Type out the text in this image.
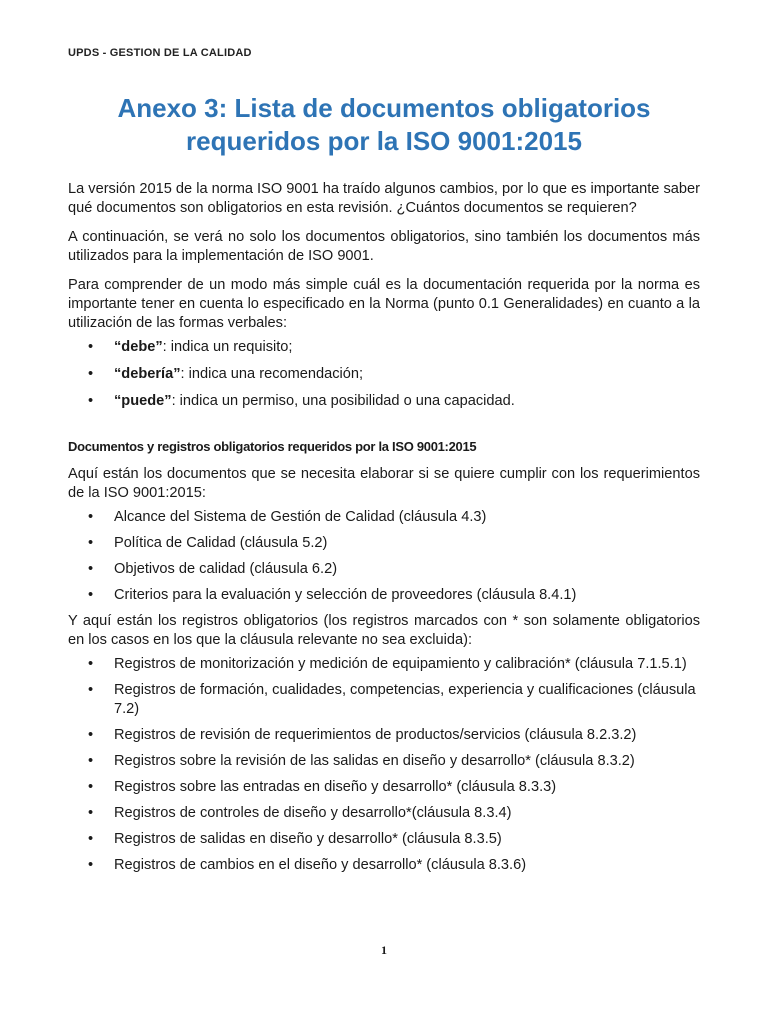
UPDS - GESTION DE LA CALIDAD
Anexo 3: Lista de documentos obligatorios
requeridos por la ISO 9001:2015

La versión 2015 de la norma ISO 9001 ha traído algunos cambios, por lo que es importante saber qué documentos son obligatorios en esta revisión. ¿Cuántos documentos se requieren?

A continuación, se verá no solo los documentos obligatorios, sino también los documentos más utilizados para la implementación de ISO 9001.

Para comprender de un modo más simple cuál es la documentación requerida por la norma es importante tener en cuenta lo especificado en la Norma (punto 0.1 Generalidades) en cuanto a la utilización de las formas verbales:

• “debe”: indica un requisito;
• “debería”: indica una recomendación;
• “puede”: indica un permiso, una posibilidad o una capacidad.
Documentos y registros obligatorios requeridos por la ISO 9001:2015

Aquí están los documentos que se necesita elaborar si se quiere cumplir con los requerimientos de la ISO 9001:2015:

• Alcance del Sistema de Gestión de Calidad (cláusula 4.3)
• Política de Calidad (cláusula 5.2)
• Objetivos de calidad (cláusula 6.2)
• Criterios para la evaluación y selección de proveedores (cláusula 8.4.1)

Y aquí están los registros obligatorios (los registros marcados con * son solamente obligatorios en los casos en los que la cláusula relevante no sea excluida):

• Registros de monitorización y medición de equipamiento y calibración* (cláusula 7.1.5.1)
• Registros de formación, cualidades, competencias, experiencia y cualificaciones (cláusula 7.2)
• Registros de revisión de requerimientos de productos/servicios (cláusula 8.2.3.2)
• Registros sobre la revisión de las salidas en diseño y desarrollo* (cláusula 8.3.2)
• Registros sobre las entradas en diseño y desarrollo* (cláusula 8.3.3)
• Registros de controles de diseño y desarrollo*(cláusula 8.3.4)
• Registros de salidas en diseño y desarrollo* (cláusula 8.3.5)
• Registros de cambios en el diseño y desarrollo* (cláusula 8.3.6)
1
